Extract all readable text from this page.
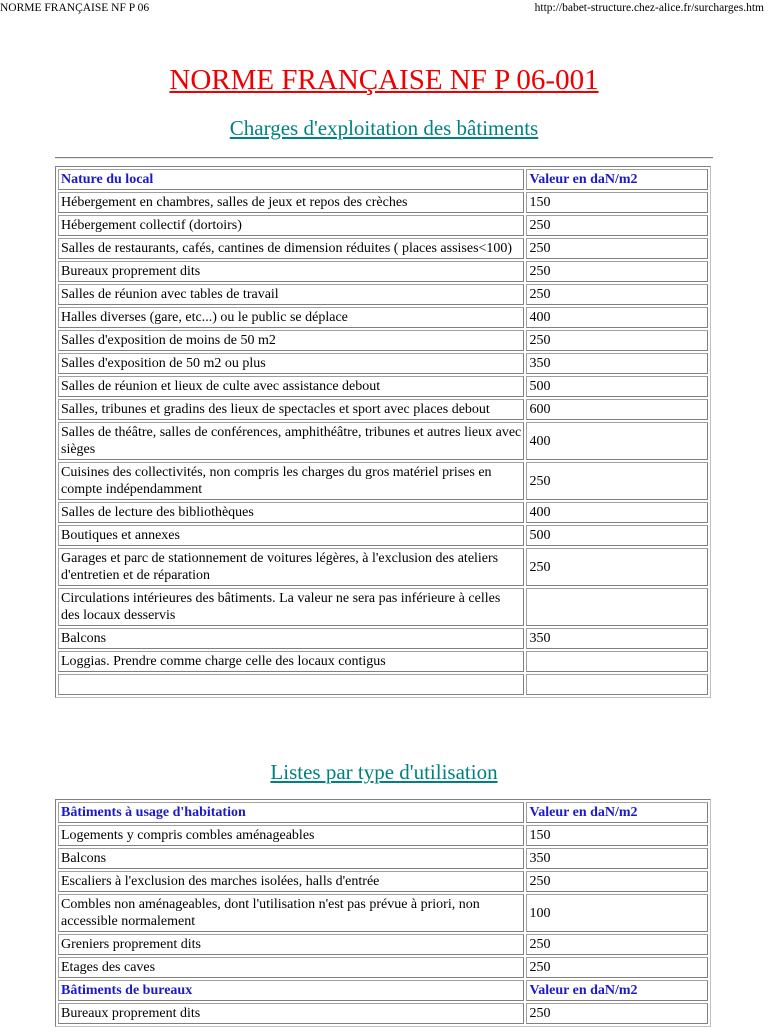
NORME FRANÇAISE NF P 06	http://babet-structure.chez-alice.fr/surcharges.htm
NORME FRANÇAISE NF P 06-001
Charges d'exploitation des bâtiments
Nature du local	Valeur en daN/m2
Hébergement en chambres, salles de jeux et repos des crèches	150
Hébergement collectif (dortoirs)	250
Salles de restaurants, cafés, cantines de dimension réduites ( places assises<100)	250
Bureaux proprement dits	250
Salles de réunion avec tables de travail	250
Halles diverses (gare, etc...) ou le public se déplace	400
Salles d'exposition de moins de 50 m2	250
Salles d'exposition de 50 m2 ou plus	350
Salles de réunion et lieux de culte avec assistance debout	500
Salles, tribunes et gradins des lieux de spectacles et sport avec places debout	600
Salles de théâtre, salles de conférences, amphithéâtre, tribunes et autres lieux avec sièges	400
Cuisines des collectivités, non compris les charges du gros matériel prises en compte indépendamment	250
Salles de lecture des bibliothèques	400
Boutiques et annexes	500
Garages et parc de stationnement de voitures légères, à l'exclusion des ateliers d'entretien et de réparation	250
Circulations intérieures des bâtiments. La valeur ne sera pas inférieure à celles des locaux desservis	
Balcons	350
Loggias. Prendre comme charge celle des locaux contigus	

Listes par type d'utilisation
Bâtiments à usage d'habitation	Valeur en daN/m2
Logements y compris combles aménageables	150
Balcons	350
Escaliers à l'exclusion des marches isolées, halls d'entrée	250
Combles non aménageables, dont l'utilisation n'est pas prévue à priori, non accessible normalement	100
Greniers proprement dits	250
Etages des caves	250
Bâtiments de bureaux	Valeur en daN/m2
Bureaux proprement dits	250
